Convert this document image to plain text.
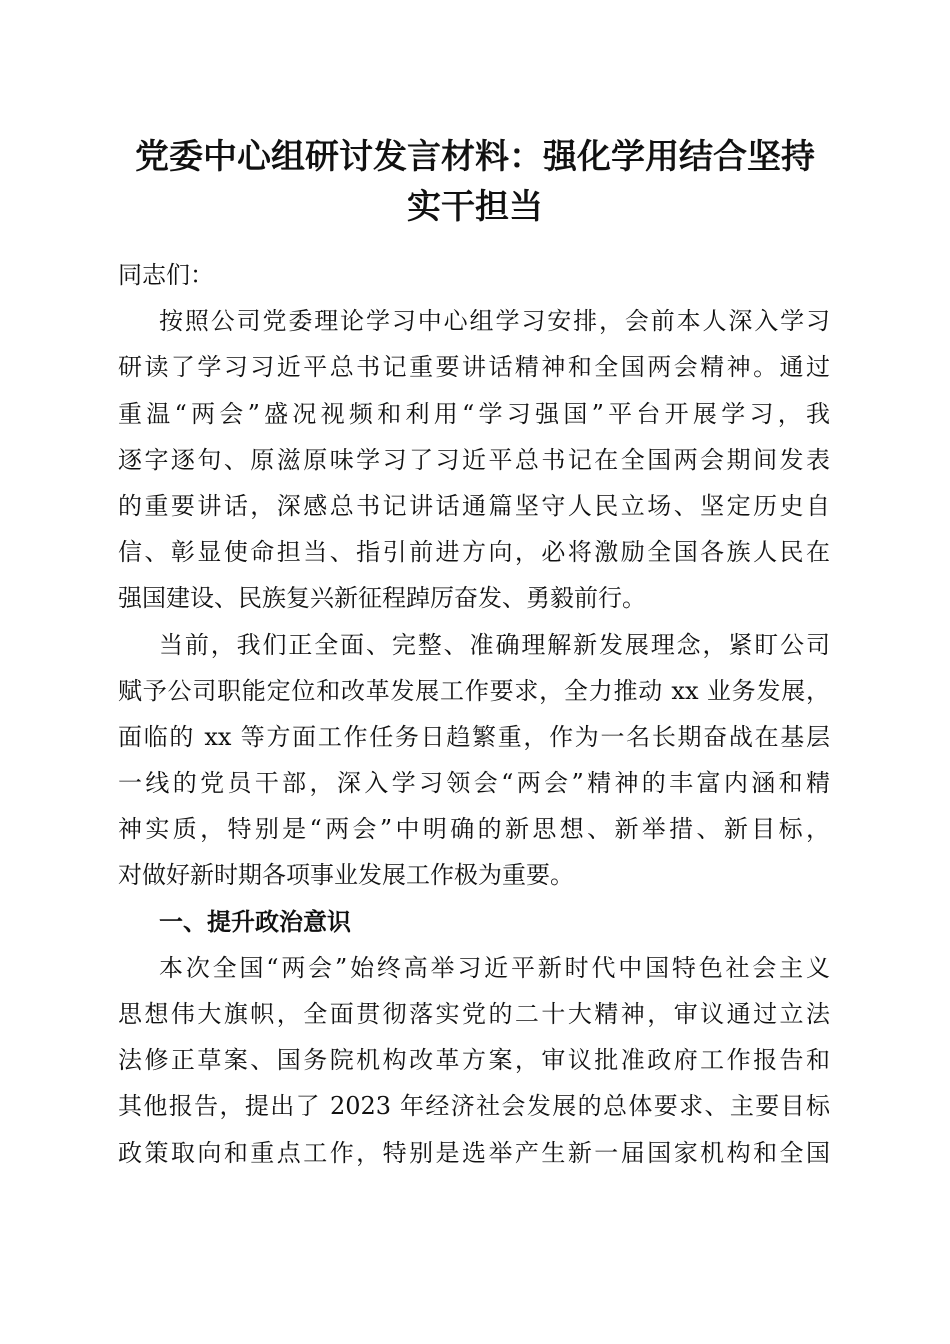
党委中心组研讨发言材料：强化学用结合坚持
实干担当
同志们：
按照公司党委理论学习中心组学习安排，会前本人深入学习
研读了学习习近平总书记重要讲话精神和全国两会精神。通过
重温“两会”盛况视频和利用“学习强国”平台开展学习，我
逐字逐句、原滋原味学习了习近平总书记在全国两会期间发表
的重要讲话，深感总书记讲话通篇坚守人民立场、坚定历史自
信、彰显使命担当、指引前进方向，必将激励全国各族人民在
强国建设、民族复兴新征程踔厉奋发、勇毅前行。
当前，我们正全面、完整、准确理解新发展理念，紧盯公司
赋予公司职能定位和改革发展工作要求，全力推动 xx 业务发展，
面临的 xx 等方面工作任务日趋繁重，作为一名长期奋战在基层
一线的党员干部，深入学习领会“两会”精神的丰富内涵和精
神实质，特别是“两会”中明确的新思想、新举措、新目标，
对做好新时期各项事业发展工作极为重要。
一、提升政治意识
本次全国“两会”始终高举习近平新时代中国特色社会主义
思想伟大旗帜，全面贯彻落实党的二十大精神，审议通过立法
法修正草案、国务院机构改革方案，审议批准政府工作报告和
其他报告，提出了 2023 年经济社会发展的总体要求、主要目标
政策取向和重点工作，特别是选举产生新一届国家机构和全国
